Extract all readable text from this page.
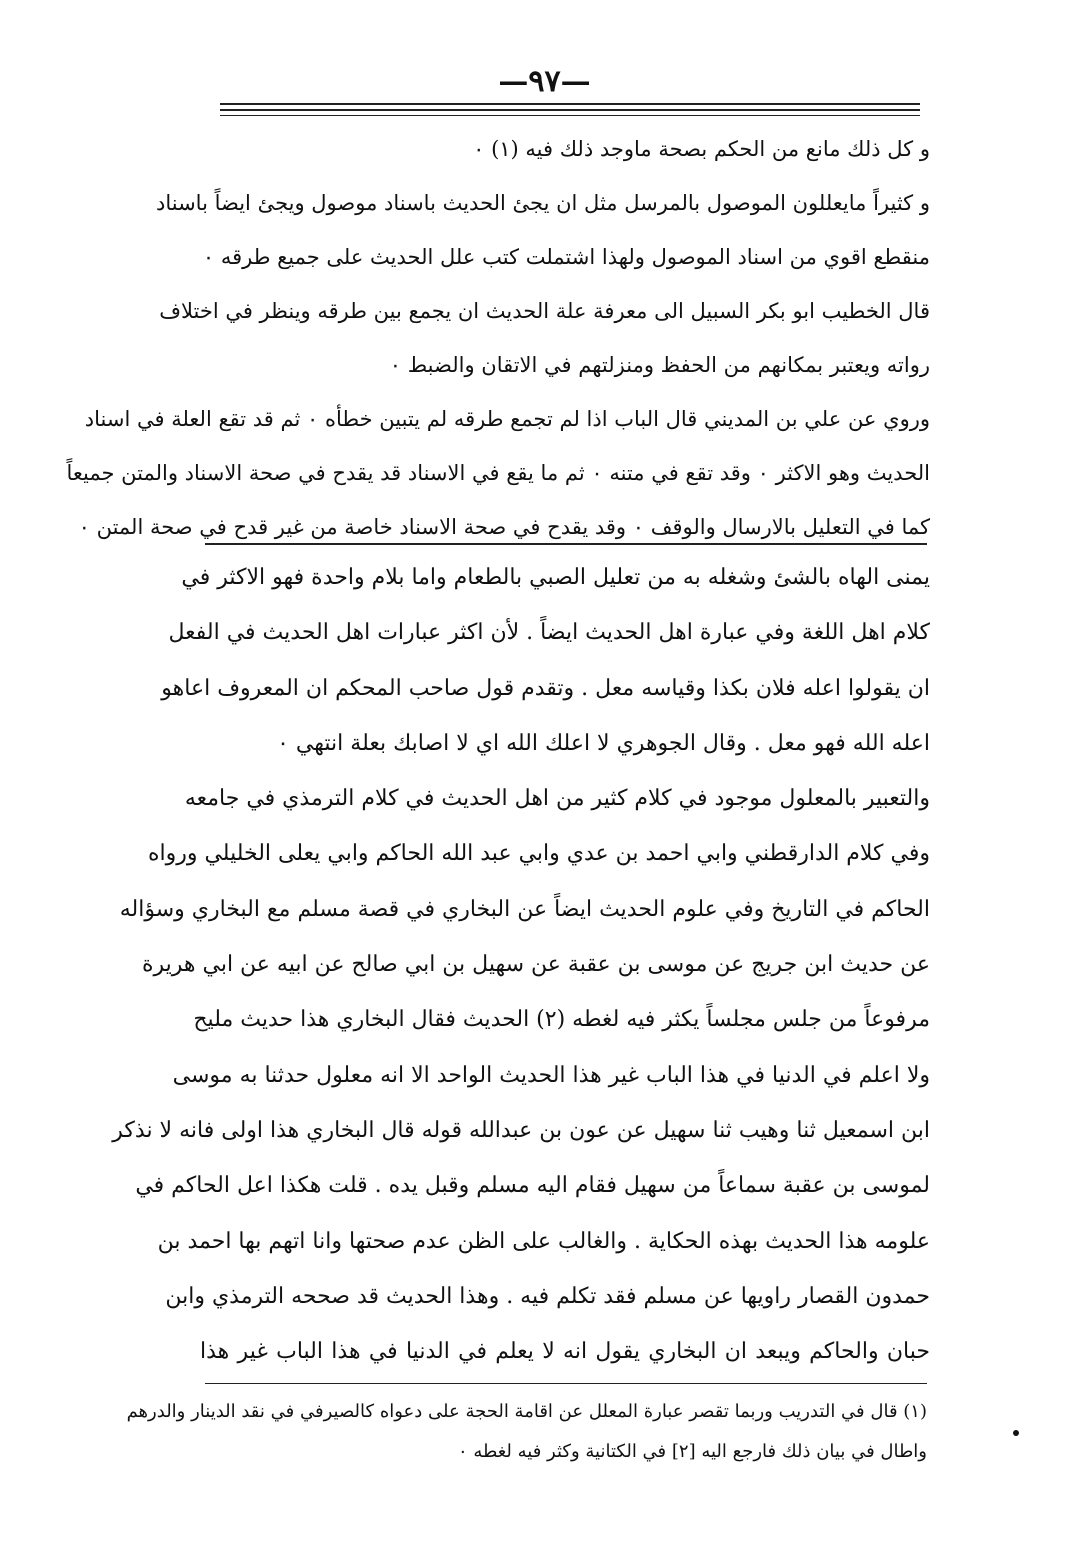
—٩٧—
و كل ذلك مانع من الحكم بصحة ماوجد ذلك فيه (١) ٠
و كثيراً مايعللون الموصول بالمرسل مثل ان يجئ الحديث باسناد موصول ويجئ ايضاً باسناد
منقطع اقوي من اسناد الموصول ولهذا اشتملت كتب علل الحديث على جميع طرقه ٠
قال الخطيب ابو بكر السبيل الى معرفة علة الحديث ان يجمع بين طرقه وينظر في اختلاف
رواته ويعتبر بمكانهم من الحفظ ومنزلتهم في الاتقان والضبط ٠
وروي عن علي بن المديني قال الباب اذا لم تجمع طرقه لم يتبين خطأه ٠ ثم قد تقع العلة في اسناد
الحديث وهو الاكثر ٠ وقد تقع في متنه ٠ ثم ما يقع في الاسناد قد يقدح في صحة الاسناد والمتن جميعاً
كما في التعليل بالارسال والوقف ٠ وقد يقدح في صحة الاسناد خاصة من غير قدح في صحة المتن ٠
يمنى الهاه بالشئ وشغله به من تعليل الصبي بالطعام واما بلام واحدة فهو الاكثر في
كلام اهل اللغة وفي عبارة اهل الحديث ايضاً . لأن اكثر عبارات اهل الحديث في الفعل
ان يقولوا اعله فلان بكذا وقياسه معل . وتقدم قول صاحب المحكم ان المعروف اعاهو
اعله الله فهو معل . وقال الجوهري لا اعلك الله اي لا اصابك بعلة انتهي ٠
والتعبير بالمعلول موجود في كلام كثير من اهل الحديث في كلام الترمذي في جامعه
وفي كلام الدارقطني وابي احمد بن عدي وابي عبد الله الحاكم وابي يعلى الخليلي ورواه
الحاكم في التاريخ وفي علوم الحديث ايضاً عن البخاري في قصة مسلم مع البخاري وسؤاله
عن حديث ابن جريج عن موسى بن عقبة عن سهيل بن ابي صالح عن ابيه عن ابي هريرة
مرفوعاً من جلس مجلساً يكثر فيه لغطه (٢) الحديث فقال البخاري هذا حديث مليح
ولا اعلم في الدنيا في هذا الباب غير هذا الحديث الواحد الا انه معلول حدثنا به موسى
ابن اسمعيل ثنا وهيب ثنا سهيل عن عون بن عبدالله قوله قال البخاري هذا اولى فانه لا نذكر
لموسى بن عقبة سماعاً من سهيل فقام اليه مسلم وقبل يده . قلت هكذا اعل الحاكم في
علومه هذا الحديث بهذه الحكاية . والغالب على الظن عدم صحتها وانا اتهم بها احمد بن
حمدون القصار راويها عن مسلم فقد تكلم فيه . وهذا الحديث قد صححه الترمذي وابن
حبان والحاكم ويبعد ان البخاري يقول انه لا يعلم في الدنيا في هذا الباب غير هذا
(١) قال في التدريب وربما تقصر عبارة المعلل عن اقامة الحجة على دعواه كالصيرفي في نقد الدينار والدرهم
واطال في بيان ذلك فارجع اليه [٢] في الكتانية وكثر فيه لغطه ٠
